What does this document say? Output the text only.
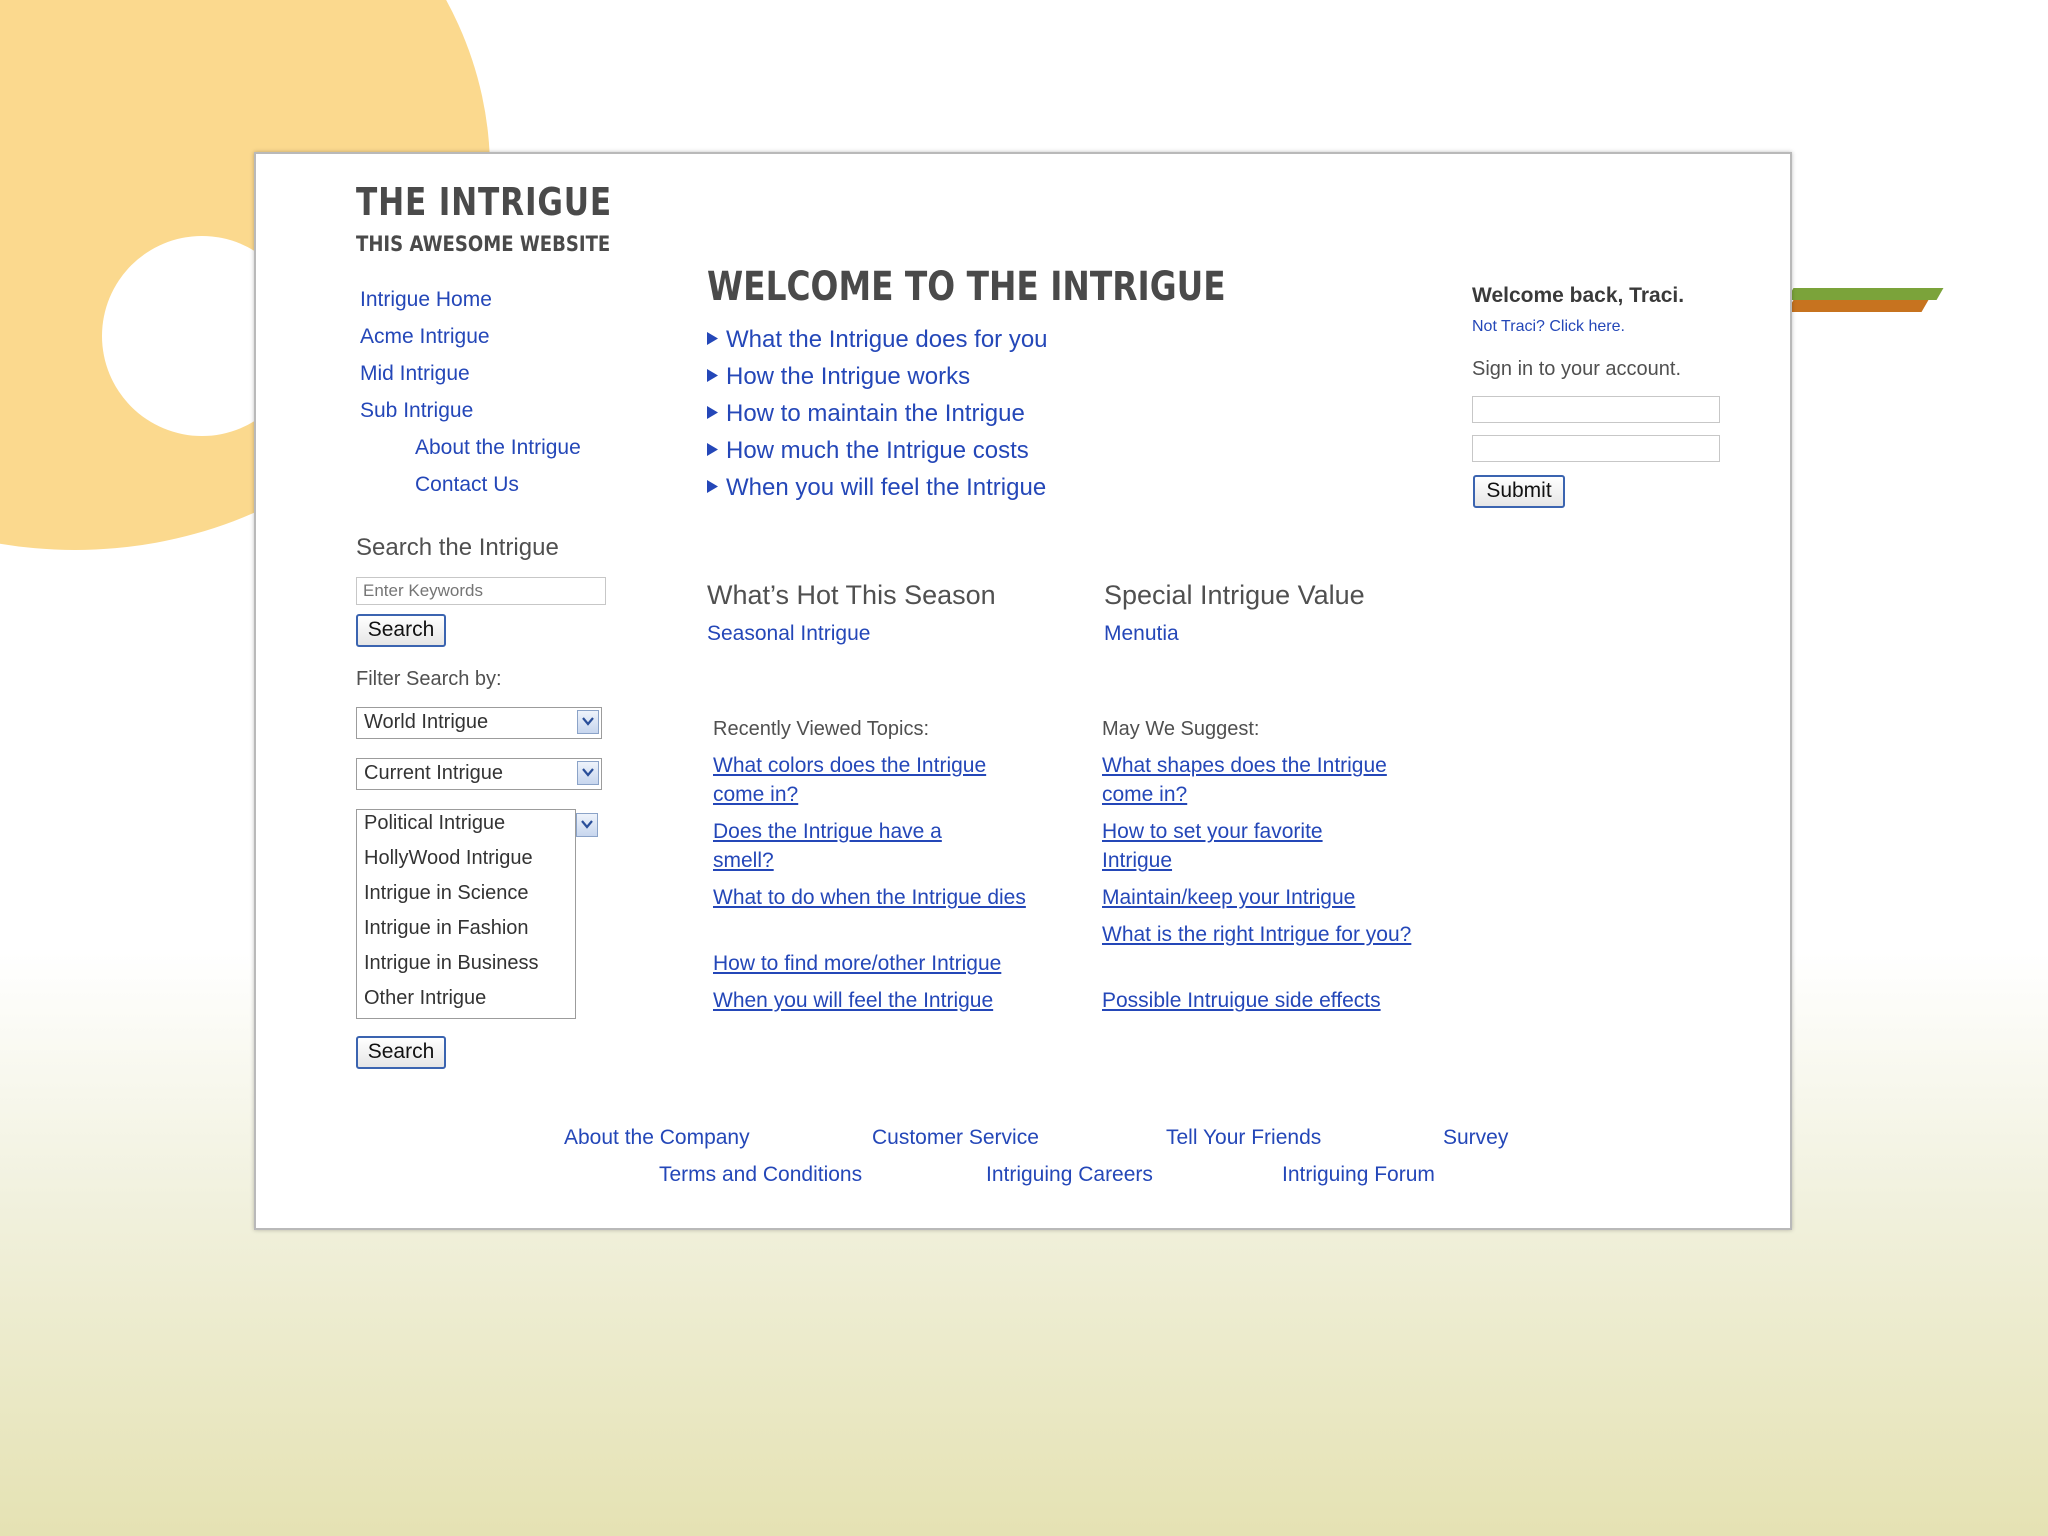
THE INTRIGUE
THIS AWESOME WEBSITE
Intrigue Home
Acme Intrigue
Mid Intrigue
Sub Intrigue
About the Intrigue
Contact Us
Search the Intrigue
Enter Keywords
Search
Filter Search by:
World Intrigue
Current Intrigue
Political Intrigue
HollyWood Intrigue
Intrigue in Science
Intrigue in Fashion
Intrigue in Business
Other Intrigue
Search
WELCOME TO THE INTRIGUE
What the Intrigue does for you
How the Intrigue works
How to maintain the Intrigue
How much the Intrigue costs
When you will feel the Intrigue
What’s Hot This Season
Seasonal Intrigue
Special Intrigue Value
Menutia
Recently Viewed Topics:
What colors does the Intrigue come in?
Does the Intrigue have a smell?
What to do when the Intrigue dies
How to find more/other Intrigue
When you will feel the Intrigue
May We Suggest:
What shapes does the Intrigue come in?
How to set your favorite Intrigue
Maintain/keep your Intrigue
What is the right Intrigue for you?
Possible Intruigue side effects
Welcome back, Traci.
Not Traci? Click here.
Sign in to your account.
Submit
About the Company	Customer Service	Tell Your Friends	Survey
Terms and Conditions	Intriguing Careers	Intriguing Forum
